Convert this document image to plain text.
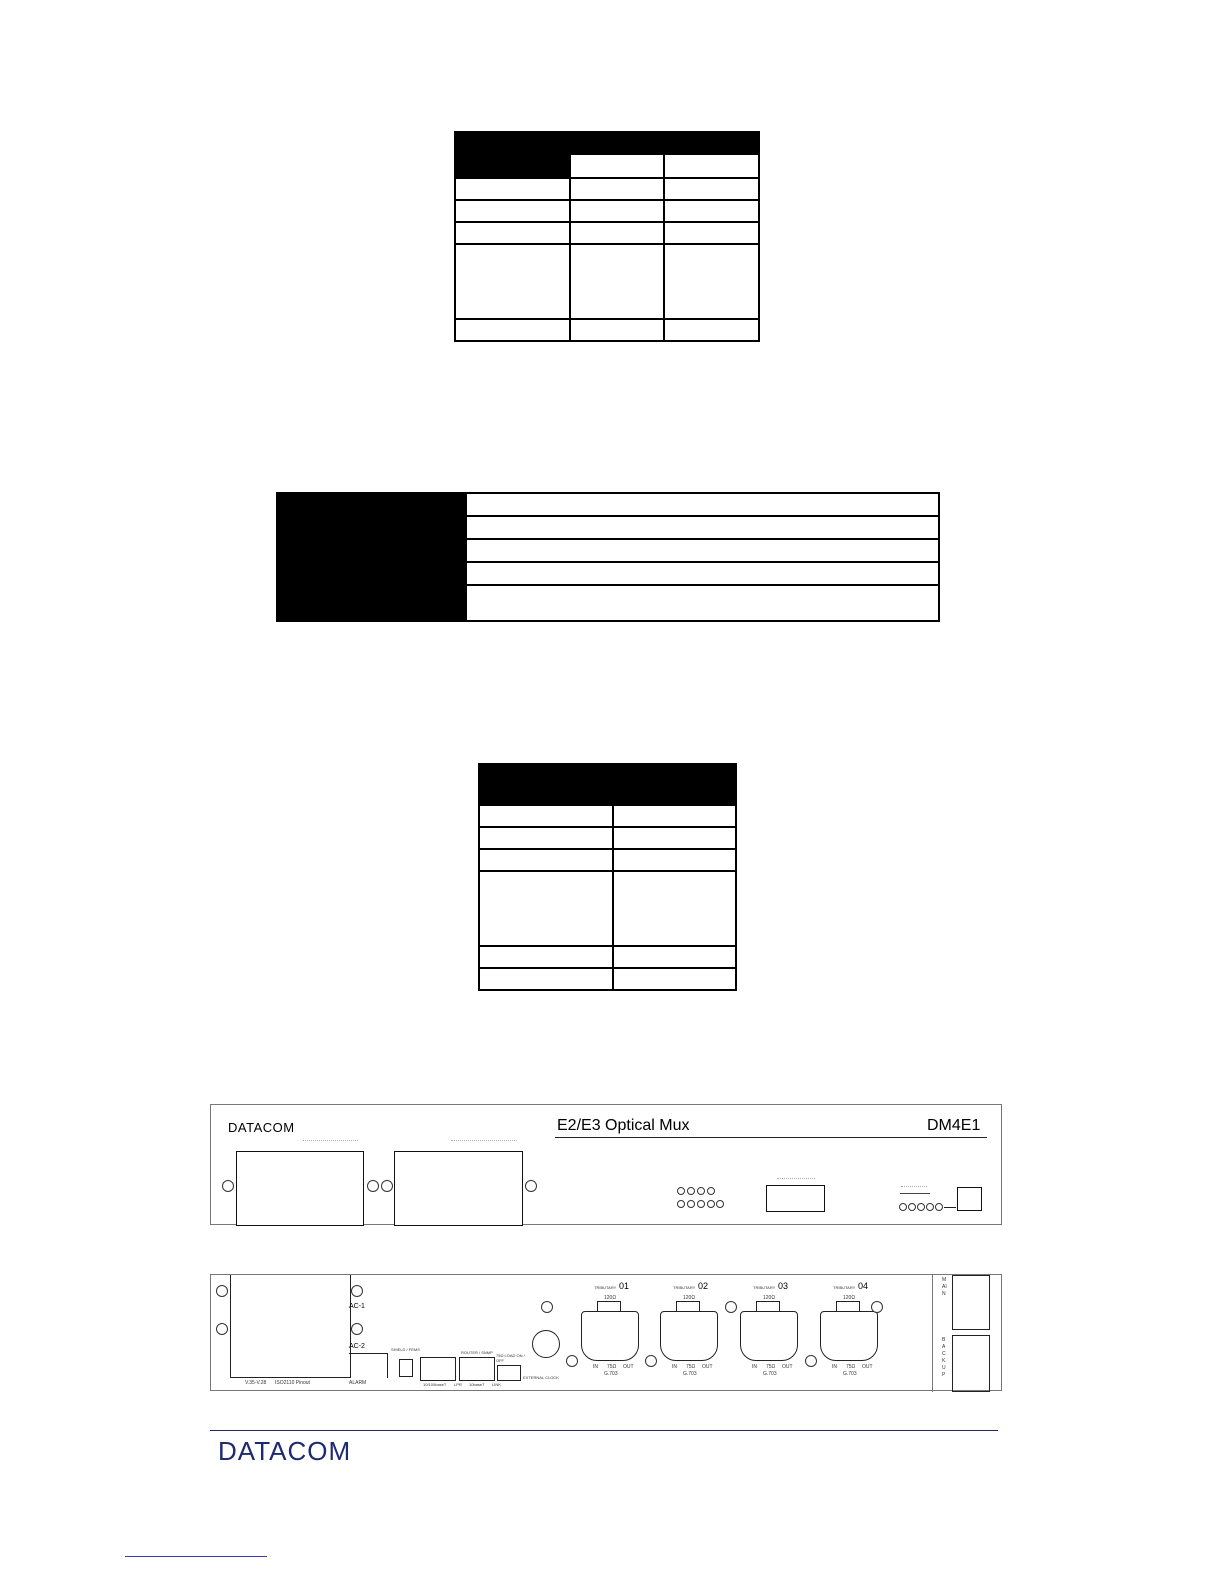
DATACOM	E2/E3 Optical Mux	DM4E1
AC-1
AC-2
V.35-V.28 ISO2110 Pinout	ALARM
SHIELD / FEMS
ROUTER / SNMP
75Ω LOAD ON / OFF
10/100baseT LPR 10baseT LINK
EXTERNAL CLOCK
TRIBUTARY 01
120Ω
IN 75Ω OUT
G.703
TRIBUTARY 02
120Ω
IN 75Ω OUT
G.703
TRIBUTARY 03
120Ω
IN 75Ω OUT
G.703
TRIBUTARY 04
120Ω
IN 75Ω OUT
G.703
MAIN
BACKUP
DATACOM
